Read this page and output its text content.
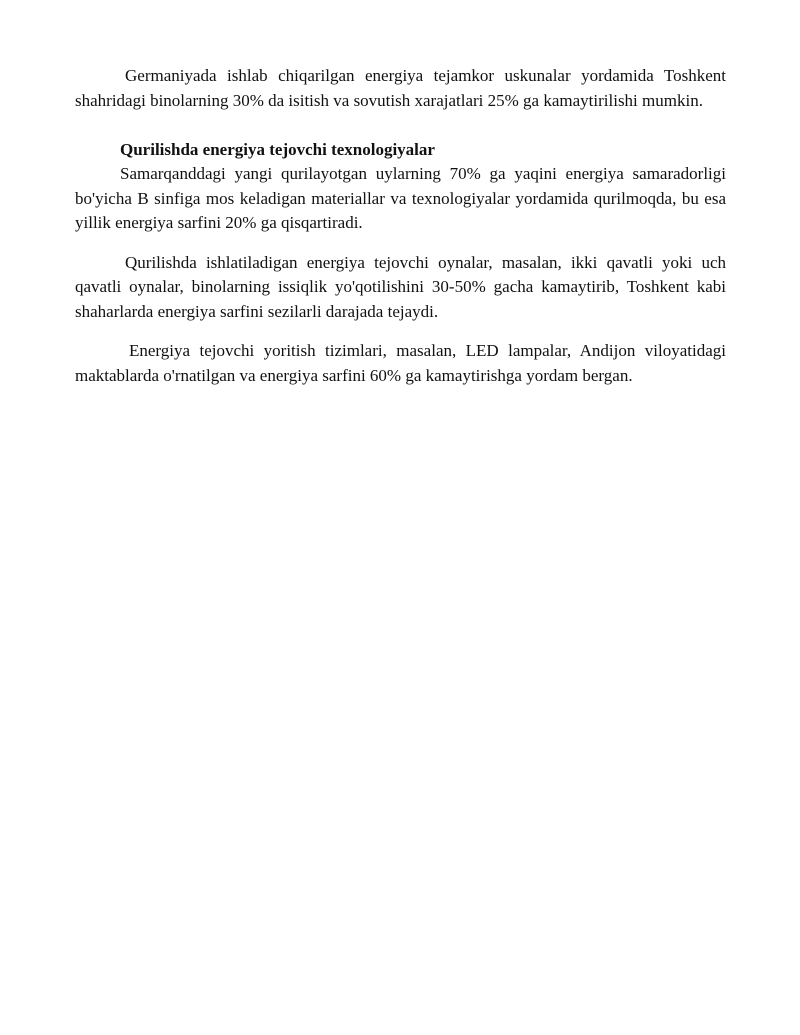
Germaniyada ishlab chiqarilgan energiya tejamkor uskunalar yordamida Toshkent shahridagi binolarning 30% da isitish va sovutish xarajatlari 25% ga kamaytirilishi mumkin.

Qurilishda energiya tejovchi texnologiyalar

Samarqanddagi yangi qurilayotgan uylarning 70% ga yaqini energiya samaradorligi bo'yicha B sinfiga mos keladigan materiallar va texnologiyalar yordamida qurilmoqda, bu esa yillik energiya sarfini 20% ga qisqartiradi.

Qurilishda ishlatiladigan energiya tejovchi oynalar, masalan, ikki qavatli yoki uch qavatli oynalar, binolarning issiqlik yo'qotilishini 30-50% gacha kamaytirib, Toshkent kabi shaharlarda energiya sarfini sezilarli darajada tejaydi.

Energiya tejovchi yoritish tizimlari, masalan, LED lampalar, Andijon viloyatidagi maktablarda o'rnatilgan va energiya sarfini 60% ga kamaytirishga yordam bergan.
